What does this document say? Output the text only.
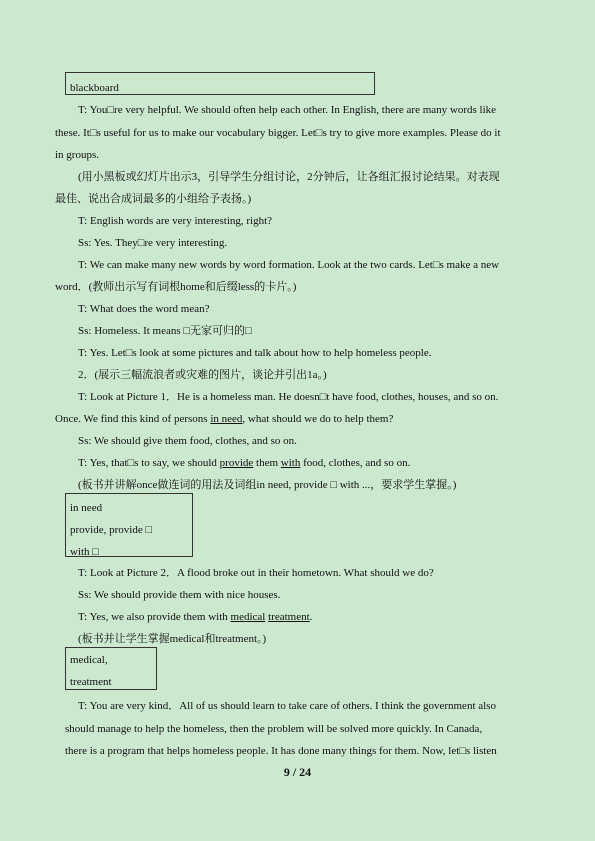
blackboard
T: You□re very helpful. We should often help each other. In English, there are many words like
these. It□s useful for us to make our vocabulary bigger. Let□s try to give more examples. Please do it
in groups.
(用小黑板或幻灯片出示3，引导学生分组讨论，2分钟后，让各组汇报讨论结果。对表现
最佳、说出合成词最多的小组给予表扬。)
T: English words are very interesting, right?
Ss: Yes. They□re very interesting.
T: We can make many new words by word formation. Look at the two cards. Let□s make a new
word．(教师出示写有词根home和后缀less的卡片。)
T: What does the word mean?
Ss: Homeless. It means □无家可归的□
T: Yes. Let□s look at some pictures and talk about how to help homeless people.
2．(展示三幅流浪者或灾难的图片，谈论并引出1a。)
T: Look at Picture 1．He is a homeless man. He doesn□t have food, clothes, houses, and so on.
Once. We find this kind of persons in need, what should we do to help them?
Ss: We should give them food, clothes, and so on.
T: Yes, that□s to say, we should provide them with food, clothes, and so on.
(板书并讲解once做连词的用法及词组in need, provide □ with ...，要求学生掌握。)
in need
provide, provide □
with □
T: Look at Picture 2．A flood broke out in their hometown. What should we do?
Ss: We should provide them with nice houses.
T: Yes, we also provide them with medical treatment.
(板书并让学生掌握medical和treatment。)
medical,
treatment
T: You are very kind．All of us should learn to take care of others. I think the government also
should manage to help the homeless, then the problem will be solved more quickly. In Canada,
there is a program that helps homeless people. It has done many things for them. Now, let□s listen
9 / 24
